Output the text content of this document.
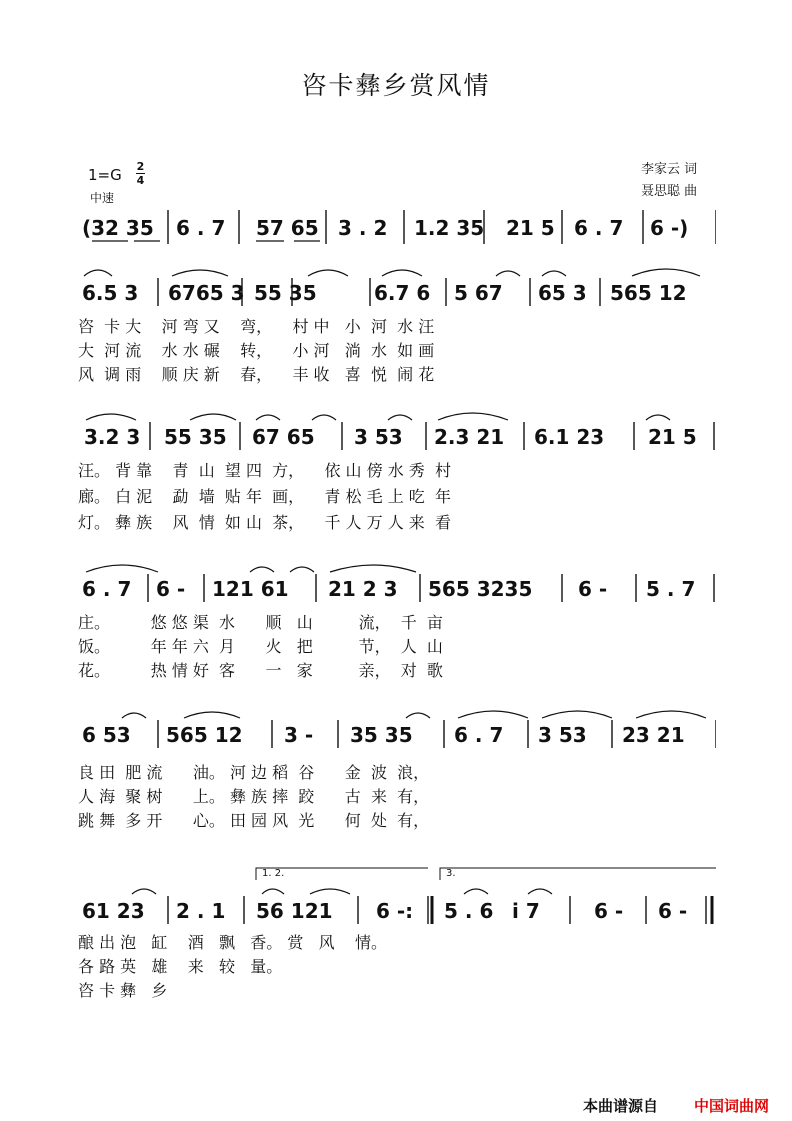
咨卡彝乡赏风情
1=G 2
4
中速
李家云 词
聂思聪 曲
(32 35 6 . 7 57 65 3 . 2 1.2 35 21 5 6 . 7 6 -)
6.5 3 6765 3 55 35	6.7 6 5 67 65 3 565 12
咨  卡 大    河 弯 又    弯，    村 中   小  河  水 汪
大  河 流    水 水 碾    转，    小 河   淌  水  如 画
风  调 雨    顺 庆 新    春，    丰 收   喜  悦  闹 花
3.2 3 55 35 67 65 3 53 2.3 21 6.1 23 21 5
汪。 背 靠    青  山  望 四  方，    依 山 傍 水 秀  村
廊。 白 泥    勐  墙  贴 年  画，    青 松 毛 上 吃  年
灯。 彝 族    风  情  如 山  茶，    千 人 万 人 来  看
6 . 7 6 - 121 61 21 2 3 565 3235 6 - 5 . 7
庄。        悠 悠 渠  水      顺   山         流，  千  亩
饭。        年 年 六  月      火   把         节，  人  山
花。        热 情 好  客      一   家         亲，  对  歌
6 53 565 12 3 - 35 35 6 . 7 3 53 23 21
良 田  肥 流      油。 河 边 稻  谷      金  波  浪，
人 海  聚 树      上。 彝 族 摔  跤      古  来  有，
跳 舞  多 开      心。 田 园 风  光      何  处  有，
1. 2.	3.
61 23 2 . 1 56 121 6 -: 5 . 6 i 7	6 - 6 -
酿 出 泡   缸    酒   飘   香。 赏   风    情。
各 路 英   雄    来   较   量。
咨 卡 彝   乡
本曲谱源自 中国词曲网
